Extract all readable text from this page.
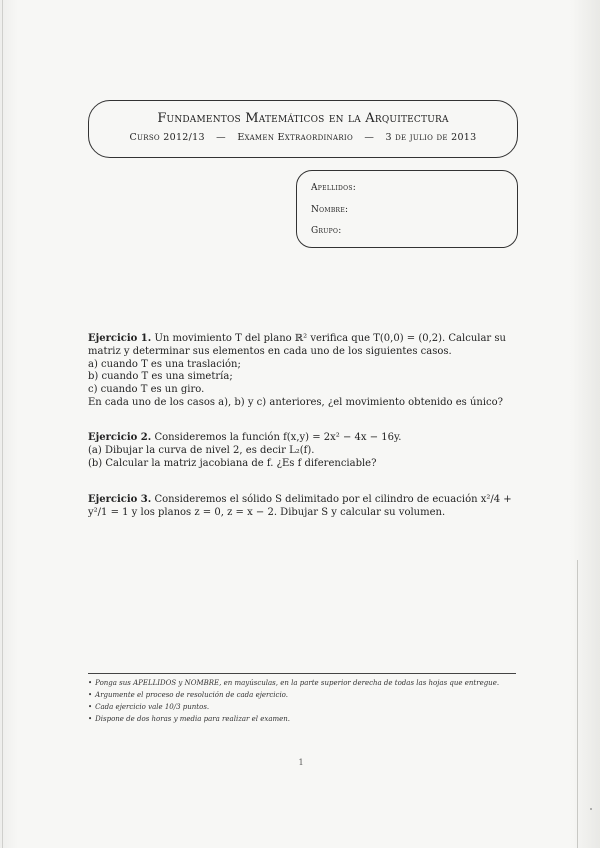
Fundamentos Matemáticos en la Arquitectura
Curso 2012/13 — Examen Extraordinario — 3 de julio de 2013
Apellidos:
Nombre:
Grupo:

Ejercicio 1. Un movimiento T del plano ℝ² verifica que T(0,0) = (0,2). Calcular su matriz y determinar sus elementos en cada uno de los siguientes casos.

a) cuando T es una traslación;

b) cuando T es una simetría;

c) cuando T es un giro.

En cada uno de los casos a), b) y c) anteriores, ¿el movimiento obtenido es único?

Ejercicio 2. Consideremos la función f(x,y) = 2x² − 4x − 16y.

(a) Dibujar la curva de nivel 2, es decir L₂(f).

(b) Calcular la matriz jacobiana de f. ¿Es f diferenciable?

Ejercicio 3. Consideremos el sólido S delimitado por el cilindro de ecuación x²/4 + y²/1 = 1 y los planos z = 0, z = x − 2. Dibujar S y calcular su volumen.

• Ponga sus APELLIDOS y NOMBRE, en mayúsculas, en la parte superior derecha de todas las hojas que entregue.
• Argumente el proceso de resolución de cada ejercicio.
• Cada ejercicio vale 10/3 puntos.
• Dispone de dos horas y media para realizar el examen.
1
